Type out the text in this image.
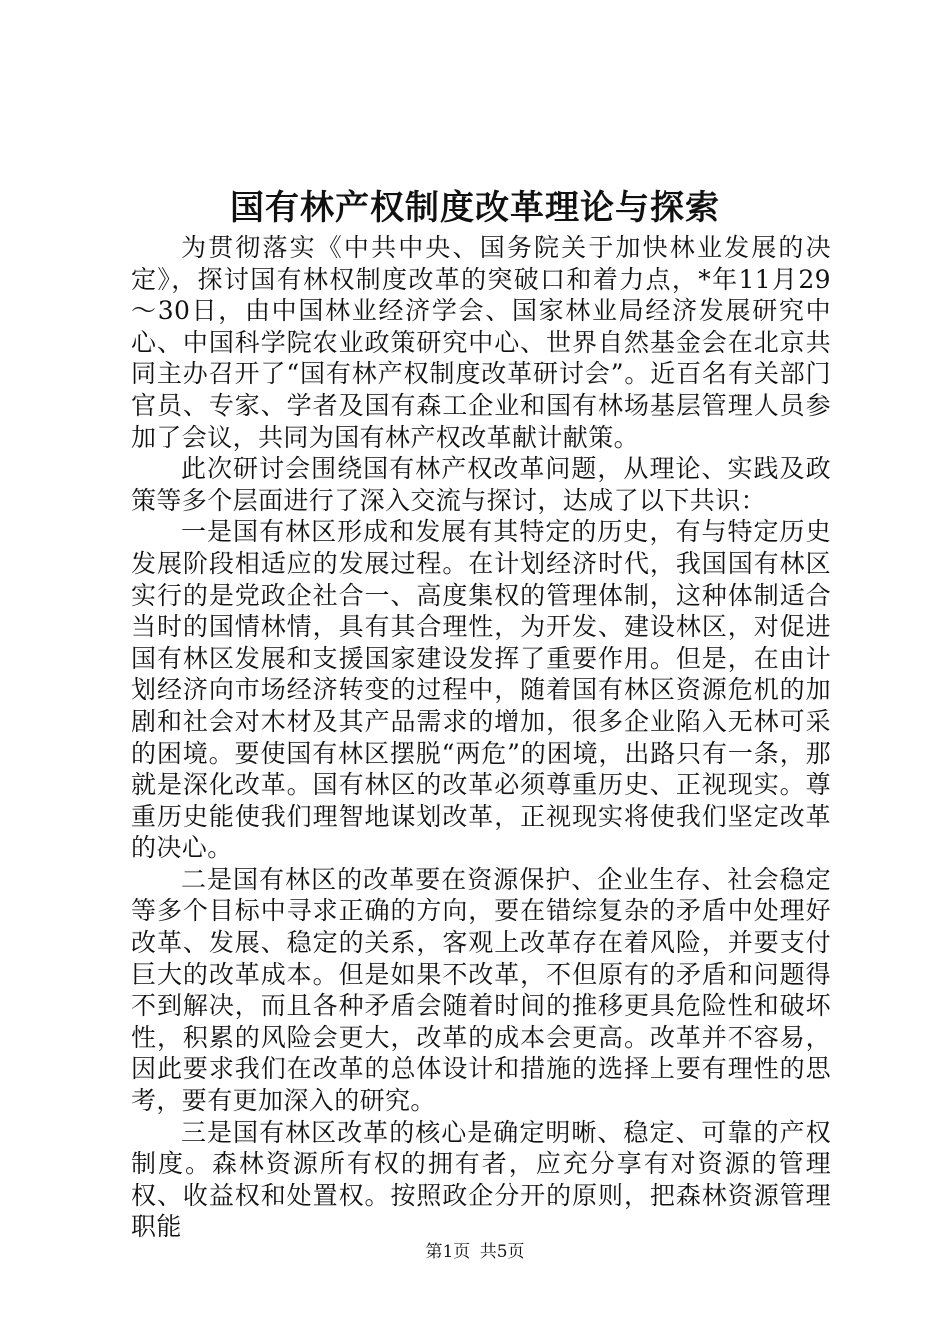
国有林产权制度改革理论与探索

为贯彻落实《中共中央、国务院关于加快林业发展的决定》，探讨国有林权制度改革的突破口和着力点，*年11月29～30日，由中国林业经济学会、国家林业局经济发展研究中心、中国科学院农业政策研究中心、世界自然基金会在北京共同主办召开了“国有林产权制度改革研讨会”。近百名有关部门官员、专家、学者及国有森工企业和国有林场基层管理人员参加了会议，共同为国有林产权改革献计献策。

此次研讨会围绕国有林产权改革问题，从理论、实践及政策等多个层面进行了深入交流与探讨，达成了以下共识：

一是国有林区形成和发展有其特定的历史，有与特定历史发展阶段相适应的发展过程。在计划经济时代，我国国有林区实行的是党政企社合一、高度集权的管理体制，这种体制适合当时的国情林情，具有其合理性，为开发、建设林区，对促进国有林区发展和支援国家建设发挥了重要作用。但是，在由计划经济向市场经济转变的过程中，随着国有林区资源危机的加剧和社会对木材及其产品需求的增加，很多企业陷入无林可采的困境。要使国有林区摆脱“两危”的困境，出路只有一条，那就是深化改革。国有林区的改革必须尊重历史、正视现实。尊重历史能使我们理智地谋划改革，正视现实将使我们坚定改革的决心。

二是国有林区的改革要在资源保护、企业生存、社会稳定等多个目标中寻求正确的方向，要在错综复杂的矛盾中处理好改革、发展、稳定的关系，客观上改革存在着风险，并要支付巨大的改革成本。但是如果不改革，不但原有的矛盾和问题得不到解决，而且各种矛盾会随着时间的推移更具危险性和破坏性，积累的风险会更大，改革的成本会更高。改革并不容易，因此要求我们在改革的总体设计和措施的选择上要有理性的思考，要有更加深入的研究。

三是国有林区改革的核心是确定明晰、稳定、可靠的产权制度。森林资源所有权的拥有者，应充分享有对资源的管理权、收益权和处置权。按照政企分开的原则，把森林资源管理职能

第1页 共5页
